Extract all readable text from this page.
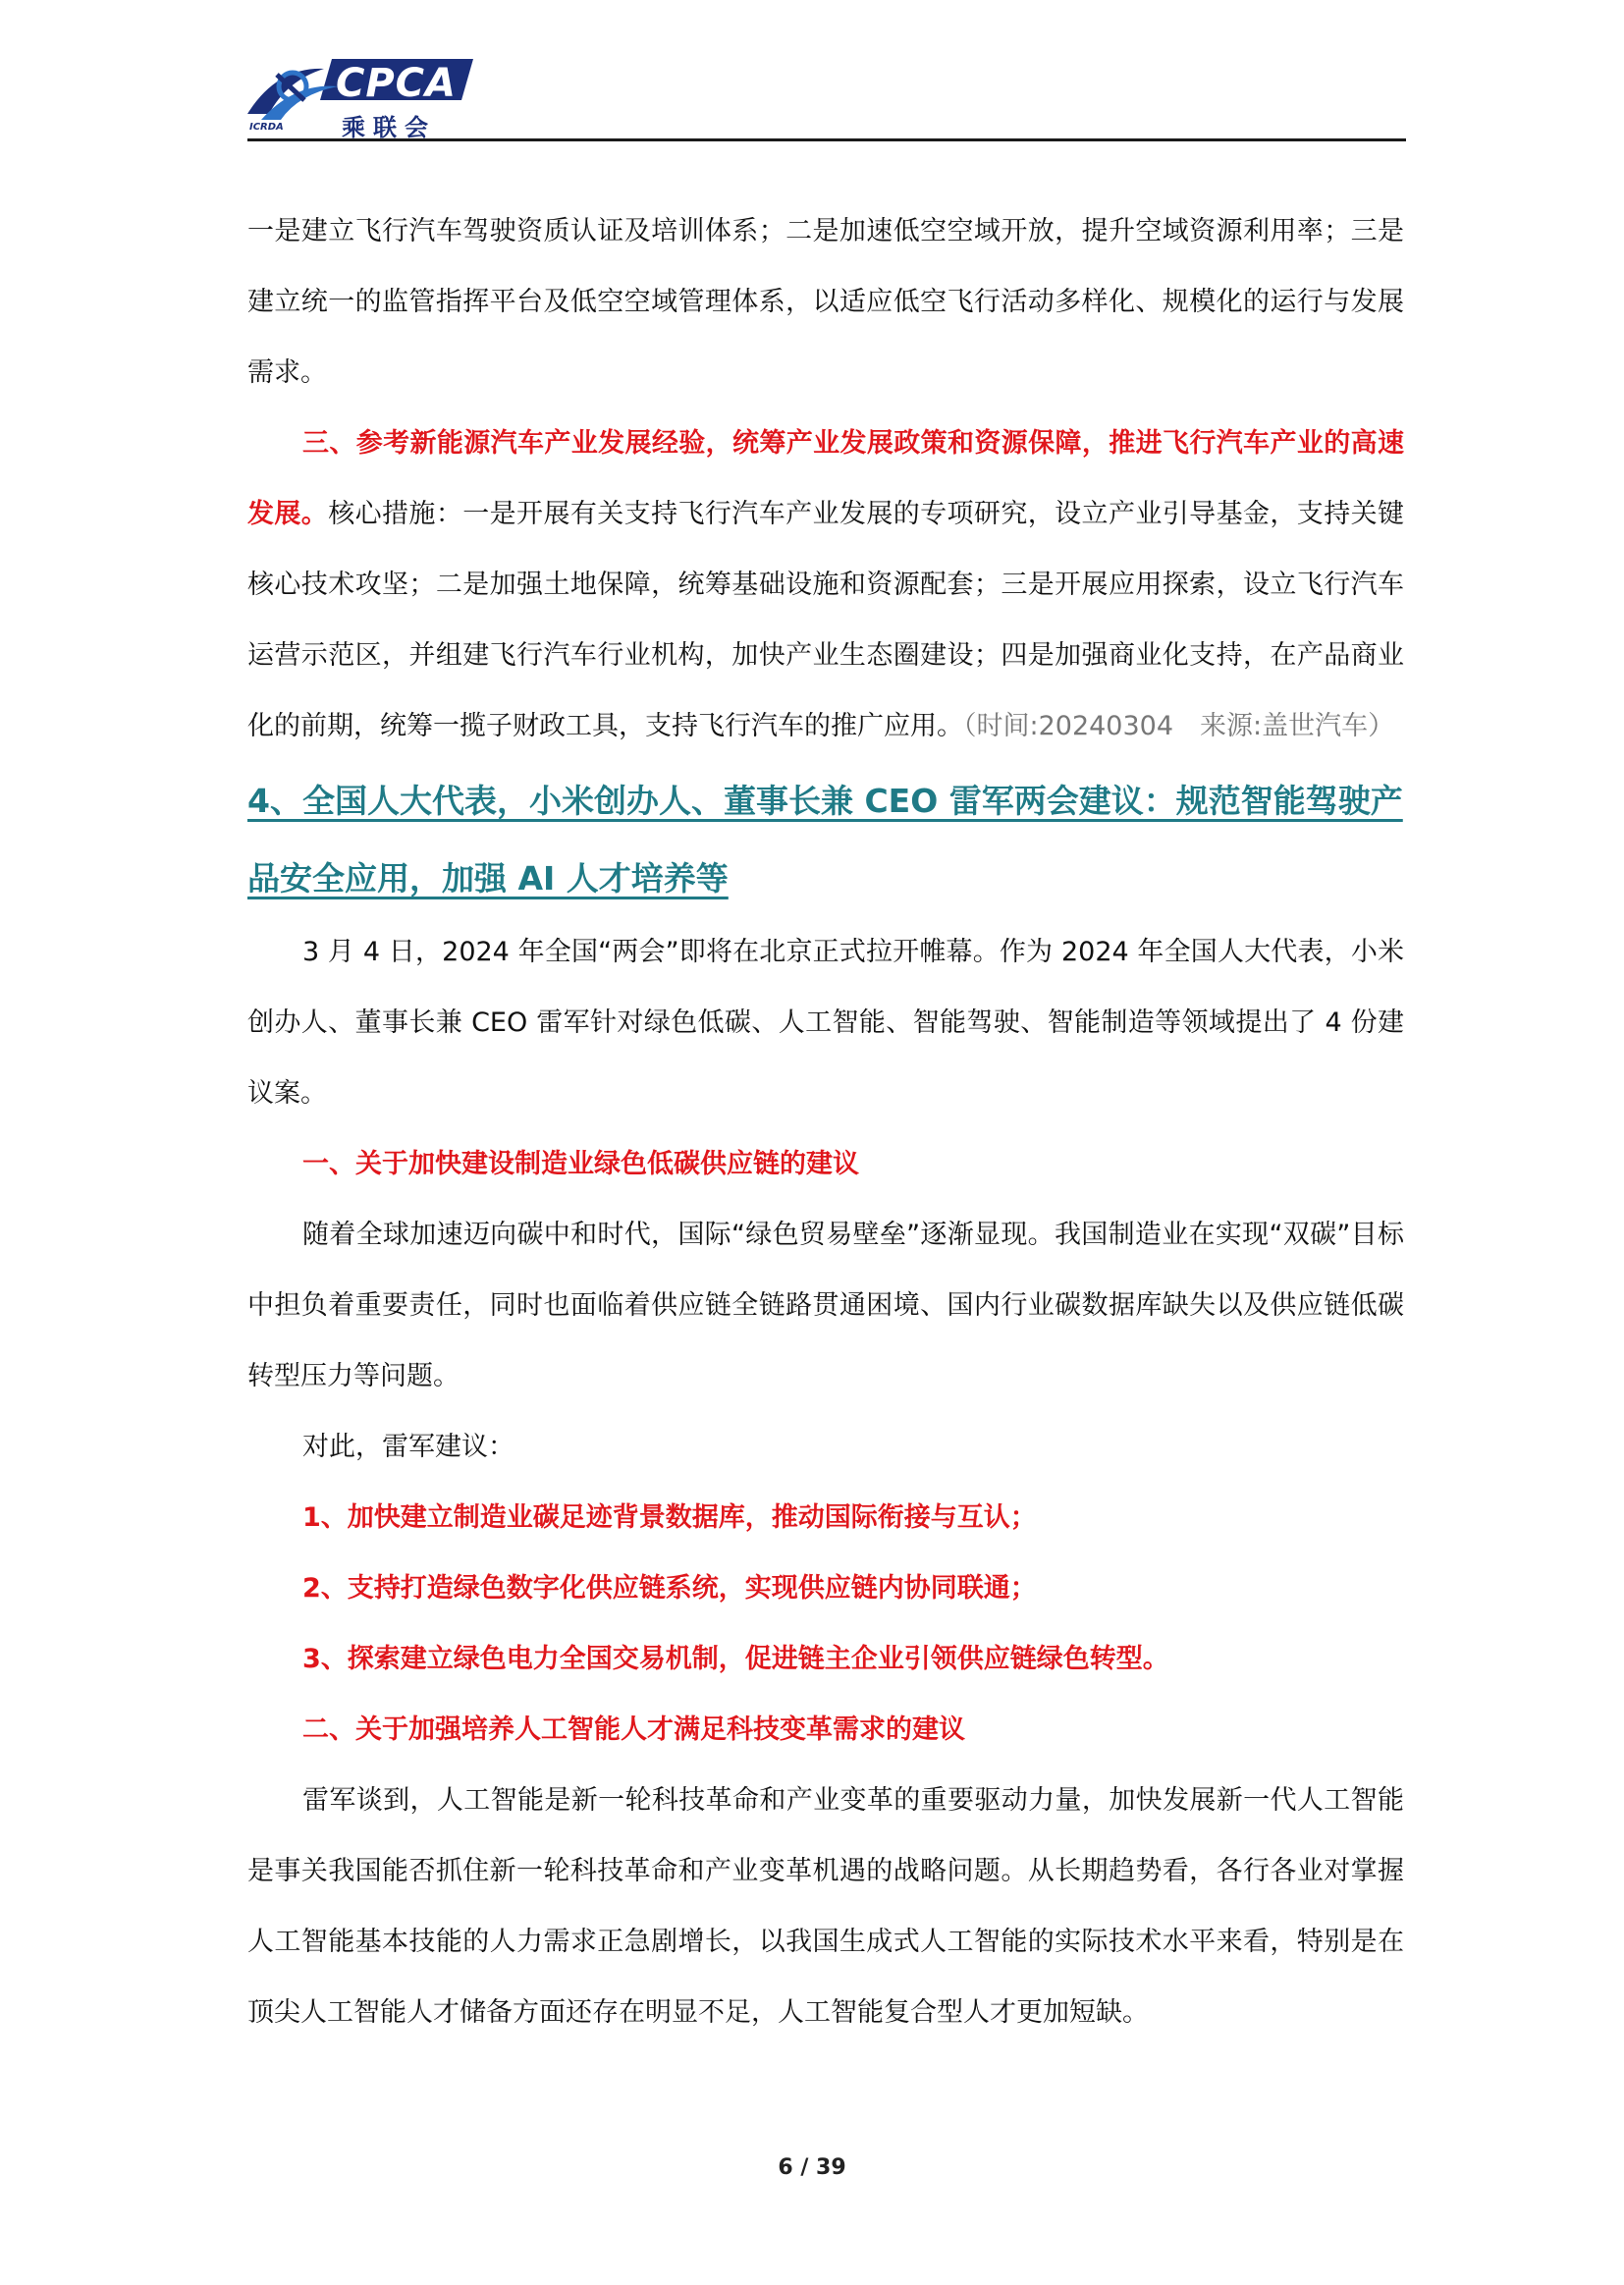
CPCA
乘联会
ICRDA

一是建立飞行汽车驾驶资质认证及培训体系；二是加速低空空域开放，提升空域资源利用率；三是建立统一的监管指挥平台及低空空域管理体系，以适应低空飞行活动多样化、规模化的运行与发展需求。

三、参考新能源汽车产业发展经验，统筹产业发展政策和资源保障，推进飞行汽车产业的高速发展。核心措施：一是开展有关支持飞行汽车产业发展的专项研究，设立产业引导基金，支持关键核心技术攻坚；二是加强土地保障，统筹基础设施和资源配套；三是开展应用探索，设立飞行汽车运营示范区，并组建飞行汽车行业机构，加快产业生态圈建设；四是加强商业化支持，在产品商业化的前期，统筹一揽子财政工具，支持飞行汽车的推广应用。（时间:20240304　来源:盖世汽车）

4、全国人大代表，小米创办人、董事长兼 CEO 雷军两会建议：规范智能驾驶产品安全应用，加强 AI 人才培养等

3 月 4 日，2024 年全国“两会”即将在北京正式拉开帷幕。作为 2024 年全国人大代表，小米创办人、董事长兼 CEO 雷军针对绿色低碳、人工智能、智能驾驶、智能制造等领域提出了 4 份建议案。

一、关于加快建设制造业绿色低碳供应链的建议

随着全球加速迈向碳中和时代，国际“绿色贸易壁垒”逐渐显现。我国制造业在实现“双碳”目标中担负着重要责任，同时也面临着供应链全链路贯通困境、国内行业碳数据库缺失以及供应链低碳转型压力等问题。

对此，雷军建议：

1、加快建立制造业碳足迹背景数据库，推动国际衔接与互认；

2、支持打造绿色数字化供应链系统，实现供应链内协同联通；

3、探索建立绿色电力全国交易机制，促进链主企业引领供应链绿色转型。

二、关于加强培养人工智能人才满足科技变革需求的建议

雷军谈到，人工智能是新一轮科技革命和产业变革的重要驱动力量，加快发展新一代人工智能是事关我国能否抓住新一轮科技革命和产业变革机遇的战略问题。从长期趋势看，各行各业对掌握人工智能基本技能的人力需求正急剧增长，以我国生成式人工智能的实际技术水平来看，特别是在顶尖人工智能人才储备方面还存在明显不足，人工智能复合型人才更加短缺。

6 / 39
